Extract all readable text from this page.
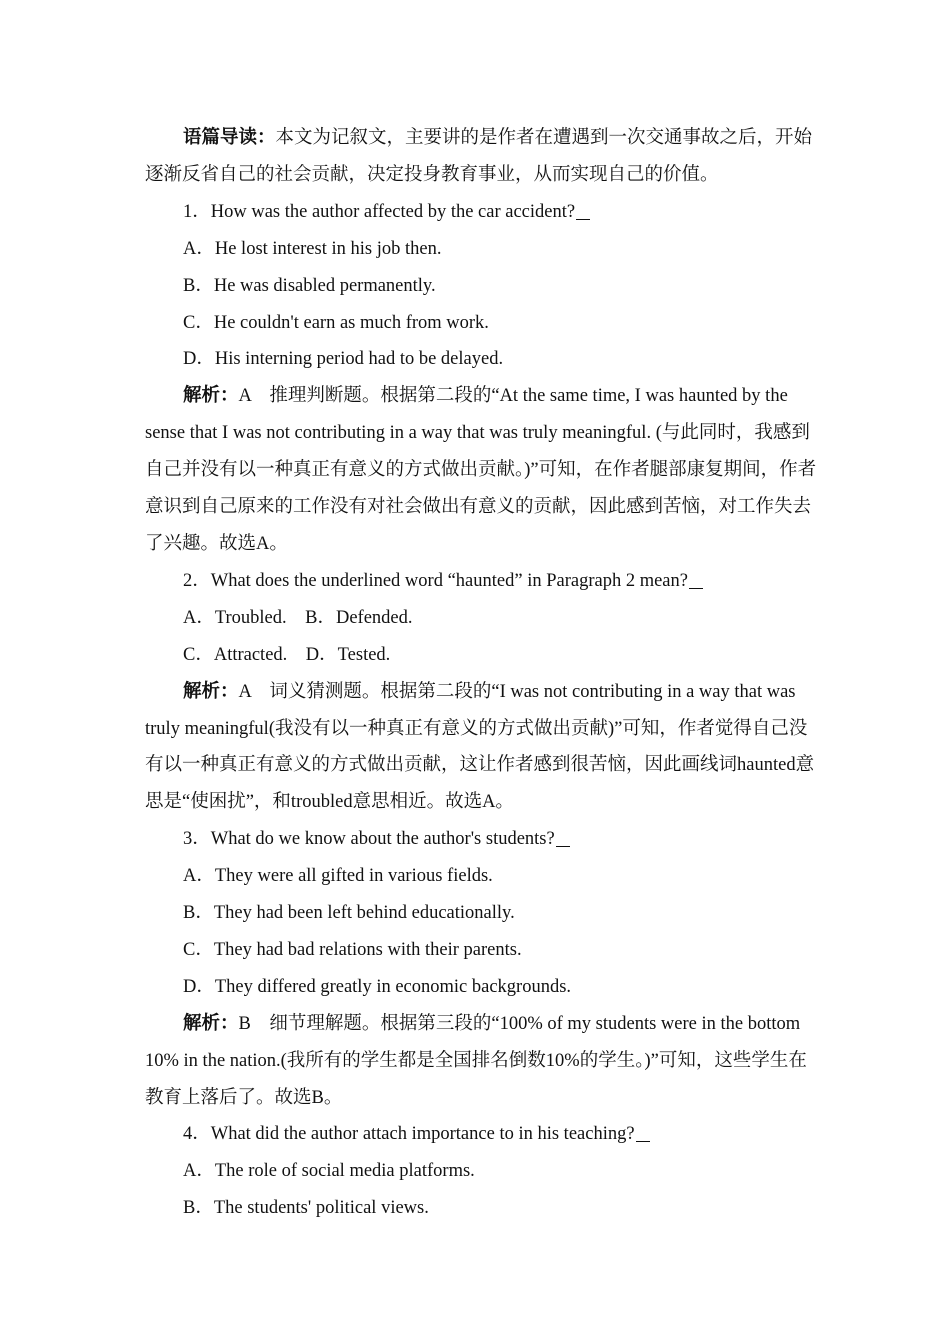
语篇导读：本文为记叙文，主要讲的是作者在遭遇到一次交通事故之后，开始逐渐反省自己的社会贡献，决定投身教育事业，从而实现自己的价值。

1．How was the author affected by the car accident?

A．He lost interest in his job then.

B．He was disabled permanently.

C．He couldn't earn as much from work.

D．His interning period had to be delayed.

解析：A　推理判断题。根据第二段的“At the same time, I was haunted by the sense that I was not contributing in a way that was truly meaningful. (与此同时，我感到自己并没有以一种真正有意义的方式做出贡献。)”可知，在作者腿部康复期间，作者意识到自己原来的工作没有对社会做出有意义的贡献，因此感到苦恼，对工作失去了兴趣。故选A。

2．What does the underlined word “haunted” in Paragraph 2 mean?

A．Troubled.　B．Defended.

C．Attracted.　D．Tested.

解析：A　词义猜测题。根据第二段的“I was not contributing in a way that was truly meaningful(我没有以一种真正有意义的方式做出贡献)”可知，作者觉得自己没有以一种真正有意义的方式做出贡献，这让作者感到很苦恼，因此画线词haunted意思是“使困扰”，和troubled意思相近。故选A。

3．What do we know about the author's students?

A．They were all gifted in various fields.

B．They had been left behind educationally.

C．They had bad relations with their parents.

D．They differed greatly in economic backgrounds.

解析：B　细节理解题。根据第三段的“100% of my students were in the bottom 10% in the nation.(我所有的学生都是全国排名倒数10%的学生。)”可知，这些学生在教育上落后了。故选B。

4．What did the author attach importance to in his teaching?

A．The role of social media platforms.

B．The students' political views.
